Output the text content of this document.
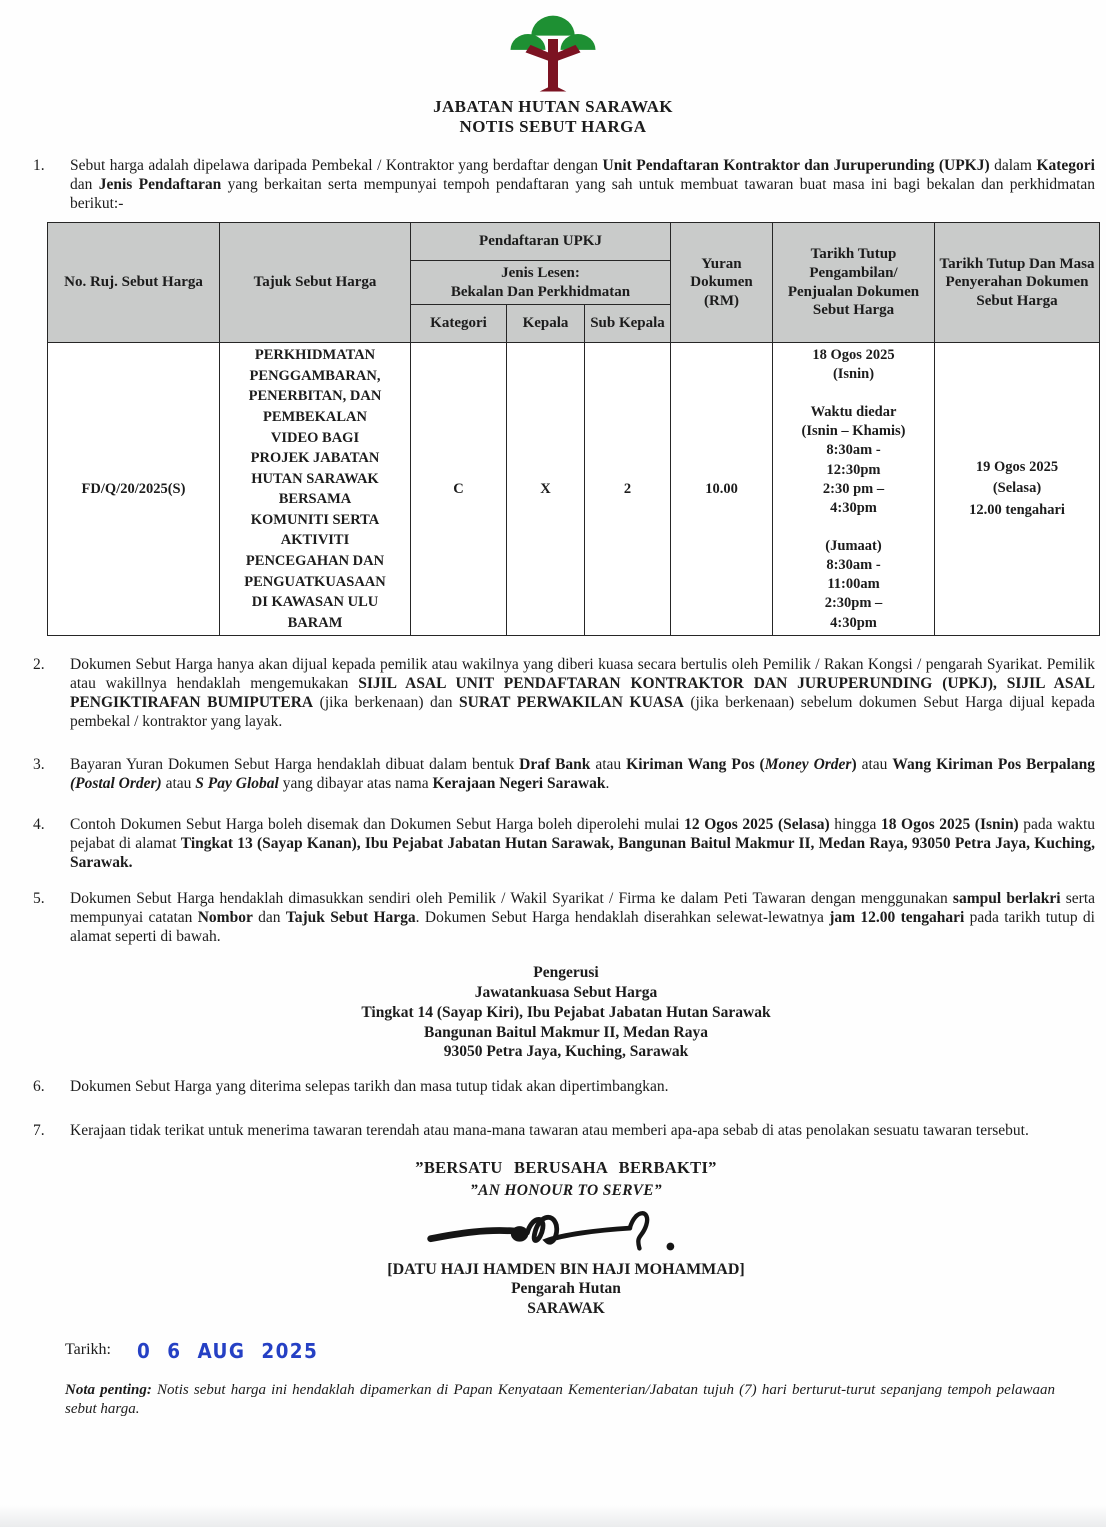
JABATAN HUTAN SARAWAK
NOTIS SEBUT HARGA
1.	Sebut harga adalah dipelawa daripada Pembekal / Kontraktor yang berdaftar dengan Unit Pendaftaran Kontraktor dan Juruperunding (UPKJ) dalam Kategori dan Jenis Pendaftaran yang berkaitan serta mempunyai tempoh pendaftaran yang sah untuk membuat tawaran buat masa ini bagi bekalan dan perkhidmatan berikut:-
No. Ruj. Sebut Harga	Tajuk Sebut Harga	Pendaftaran UPKJ			Yuran Dokumen (RM)	Tarikh Tutup Pengambilan/ Penjualan Dokumen Sebut Harga	Tarikh Tutup Dan Masa Penyerahan Dokumen Sebut Harga
		Jenis Lesen:
Bekalan Dan Perkhidmatan					
		Kategori	Kepala	Sub Kepala			
FD/Q/20/2025(S)	PERKHIDMATAN
PENGGAMBARAN,
PENERBITAN, DAN
PEMBEKALAN
VIDEO BAGI
PROJEK JABATAN
HUTAN SARAWAK
BERSAMA
KOMUNITI SERTA
AKTIVITI
PENCEGAHAN DAN
PENGUATKUASAAN
DI KAWASAN ULU
BARAM	C	X	2	10.00	18 Ogos 2025
(Isnin)

Waktu diedar
(Isnin – Khamis)
8:30am -
12:30pm
2:30 pm –
4:30pm

(Jumaat)
8:30am -
11:00am
2:30pm –
4:30pm	19 Ogos 2025
(Selasa)
12.00 tengahari
2.	Dokumen Sebut Harga hanya akan dijual kepada pemilik atau wakilnya yang diberi kuasa secara bertulis oleh Pemilik / Rakan Kongsi / pengarah Syarikat. Pemilik atau wakillnya hendaklah mengemukakan SIJIL ASAL UNIT PENDAFTARAN KONTRAKTOR DAN JURUPERUNDING (UPKJ), SIJIL ASAL PENGIKTIRAFAN BUMIPUTERA (jika berkenaan) dan SURAT PERWAKILAN KUASA (jika berkenaan) sebelum dokumen Sebut Harga dijual kepada pembekal / kontraktor yang layak.
3.	Bayaran Yuran Dokumen Sebut Harga hendaklah dibuat dalam bentuk Draf Bank atau Kiriman Wang Pos (Money Order) atau Wang Kiriman Pos Berpalang (Postal Order) atau S Pay Global yang dibayar atas nama Kerajaan Negeri Sarawak.
4.	Contoh Dokumen Sebut Harga boleh disemak dan Dokumen Sebut Harga boleh diperolehi mulai 12 Ogos 2025 (Selasa) hingga 18 Ogos 2025 (Isnin) pada waktu pejabat di alamat Tingkat 13 (Sayap Kanan), Ibu Pejabat Jabatan Hutan Sarawak, Bangunan Baitul Makmur II, Medan Raya, 93050 Petra Jaya, Kuching, Sarawak.
5.	Dokumen Sebut Harga hendaklah dimasukkan sendiri oleh Pemilik / Wakil Syarikat / Firma ke dalam Peti Tawaran dengan menggunakan sampul berlakri serta mempunyai catatan Nombor dan Tajuk Sebut Harga. Dokumen Sebut Harga hendaklah diserahkan selewat-lewatnya jam 12.00 tengahari pada tarikh tutup di alamat seperti di bawah.
Pengerusi
Jawatankuasa Sebut Harga
Tingkat 14 (Sayap Kiri), Ibu Pejabat Jabatan Hutan Sarawak
Bangunan Baitul Makmur II, Medan Raya
93050 Petra Jaya, Kuching, Sarawak
6.	Dokumen Sebut Harga yang diterima selepas tarikh dan masa tutup tidak akan dipertimbangkan.
7.	Kerajaan tidak terikat untuk menerima tawaran terendah atau mana-mana tawaran atau memberi apa-apa sebab di atas penolakan sesuatu tawaran tersebut.
”BERSATU BERUSAHA BERBAKTI”
”AN HONOUR TO SERVE”
[DATU HAJI HAMDEN BIN HAJI MOHAMMAD]
Pengarah Hutan
SARAWAK
Tarikh: 0 6 AUG 2025
Nota penting: Notis sebut harga ini hendaklah dipamerkan di Papan Kenyataan Kementerian/Jabatan tujuh (7) hari berturut-turut sepanjang tempoh pelawaan sebut harga.
